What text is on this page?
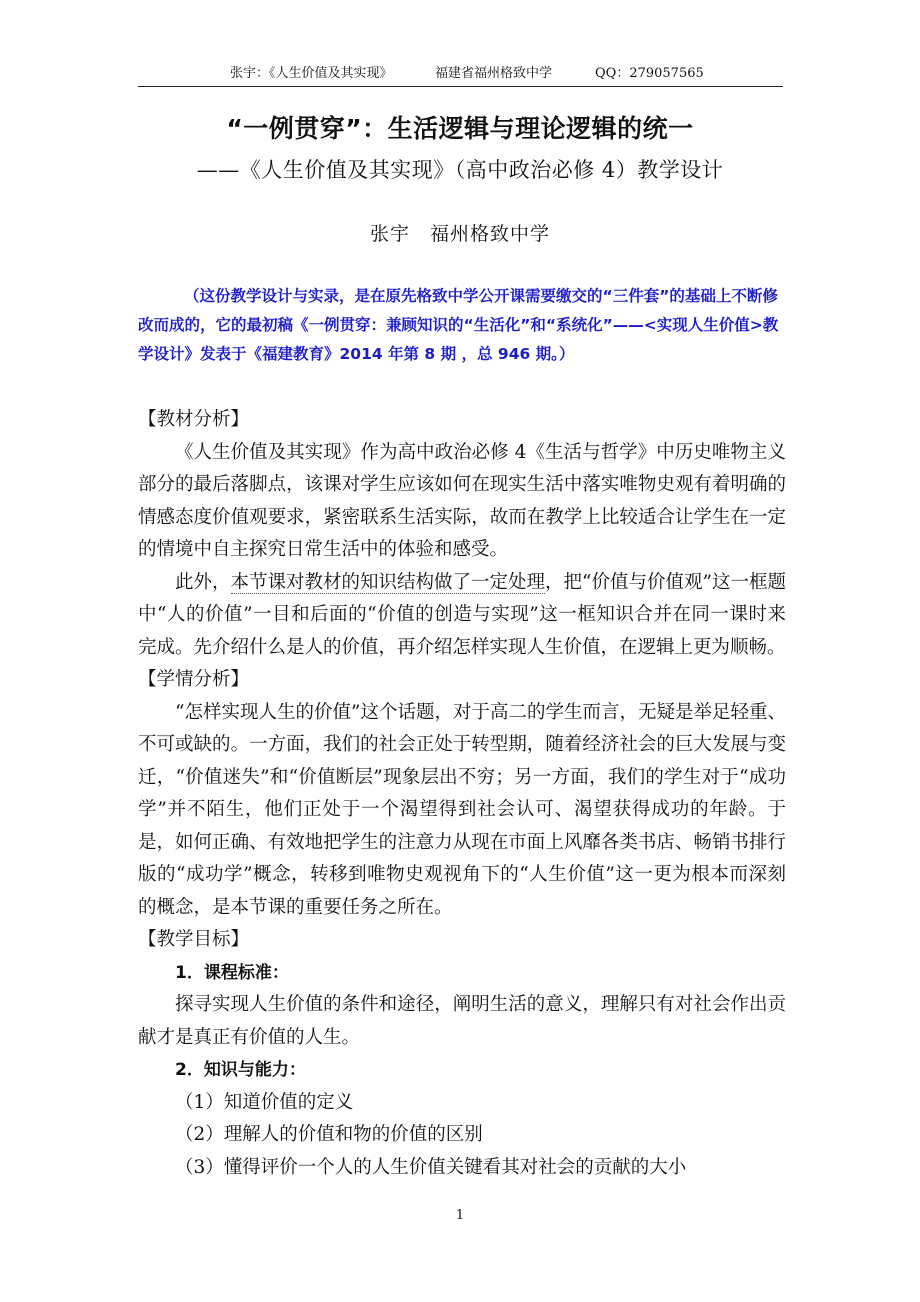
张宇：《人生价值及其实现》	福建省福州格致中学	QQ：279057565
“一例贯穿”：生活逻辑与理论逻辑的统一
——《人生价值及其实现》（高中政治必修 4）教学设计
张宇　福州格致中学

（这份教学设计与实录，是在原先格致中学公开课需要缴交的“三件套”的基础上不断修改而成的，它的最初稿《一例贯穿：兼顾知识的“生活化”和“系统化”——<实现人生价值>教学设计》发表于《福建教育》2014 年第 8 期 ，总 946 期。）

【教材分析】

《人生价值及其实现》作为高中政治必修 4《生活与哲学》中历史唯物主义部分的最后落脚点，该课对学生应该如何在现实生活中落实唯物史观有着明确的情感态度价值观要求，紧密联系生活实际，故而在教学上比较适合让学生在一定的情境中自主探究日常生活中的体验和感受。

此外，本节课对教材的知识结构做了一定处理，把“价值与价值观”这一框题中“人的价值”一目和后面的“价值的创造与实现”这一框知识合并在同一课时来完成。先介绍什么是人的价值，再介绍怎样实现人生价值，在逻辑上更为顺畅。

【学情分析】

“怎样实现人生的价值”这个话题，对于高二的学生而言，无疑是举足轻重、不可或缺的。一方面，我们的社会正处于转型期，随着经济社会的巨大发展与变迁，“价值迷失”和“价值断层”现象层出不穷；另一方面，我们的学生对于“成功学”并不陌生，他们正处于一个渴望得到社会认可、渴望获得成功的年龄。于是，如何正确、有效地把学生的注意力从现在市面上风靡各类书店、畅销书排行版的“成功学”概念，转移到唯物史观视角下的“人生价值”这一更为根本而深刻的概念，是本节课的重要任务之所在。

【教学目标】

1．课程标准：

探寻实现人生价值的条件和途径，阐明生活的意义，理解只有对社会作出贡献才是真正有价值的人生。

2．知识与能力：

（1）知道价值的定义

（2）理解人的价值和物的价值的区别

（3）懂得评价一个人的人生价值关键看其对社会的贡献的大小

1
